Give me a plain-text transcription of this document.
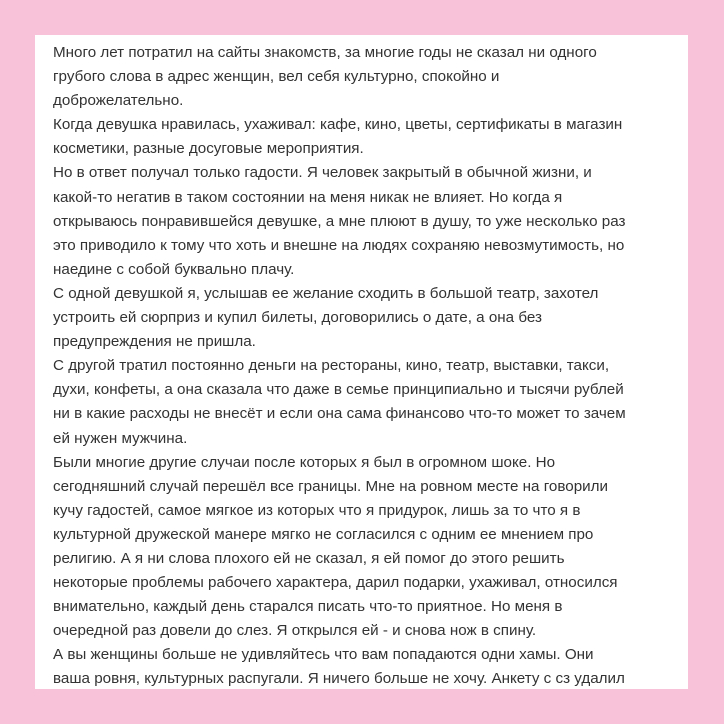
Много лет потратил на сайты знакомств, за многие годы не сказал ни одного
грубого слова в адрес женщин, вел себя культурно, спокойно и
доброжелательно.
Когда девушка нравилась, ухаживал: кафе, кино, цветы, сертификаты в магазин
косметики, разные досуговые мероприятия.
Но в ответ получал только гадости. Я человек закрытый в обычной жизни, и
какой-то негатив в таком состоянии на меня никак не влияет. Но когда я
открываюсь понравившейся девушке, а мне плюют в душу, то уже несколько раз
это приводило к тому что хоть и внешне на людях сохраняю невозмутимость, но
наедине с собой буквально плачу.
С одной девушкой я, услышав ее желание сходить в большой театр, захотел
устроить ей сюрприз и купил билеты, договорились о дате, а она без
предупреждения не пришла.
С другой тратил постоянно деньги на рестораны, кино, театр, выставки, такси,
духи, конфеты, а она сказала что даже в семье принципиально и тысячи рублей
ни в какие расходы не внесёт и если она сама финансово что-то может то зачем
ей нужен мужчина.
Были многие другие случаи после которых я был в огромном шоке. Но
сегодняшний случай перешёл все границы. Мне на ровном месте на говорили
кучу гадостей, самое мягкое из которых что я придурок, лишь за то что я в
культурной дружеской манере мягко не согласился с одним ее мнением про
религию. А я ни слова плохого ей не сказал, я ей помог до этого решить
некоторые проблемы рабочего характера, дарил подарки, ухаживал, относился
внимательно, каждый день старался писать что-то приятное. Но меня в
очередной раз довели до слез. Я открылся ей - и снова нож в спину.
А вы женщины больше не удивляйтесь что вам попадаются одни хамы. Они
ваша ровня, культурных распугали. Я ничего больше не хочу. Анкету с сз удалил
